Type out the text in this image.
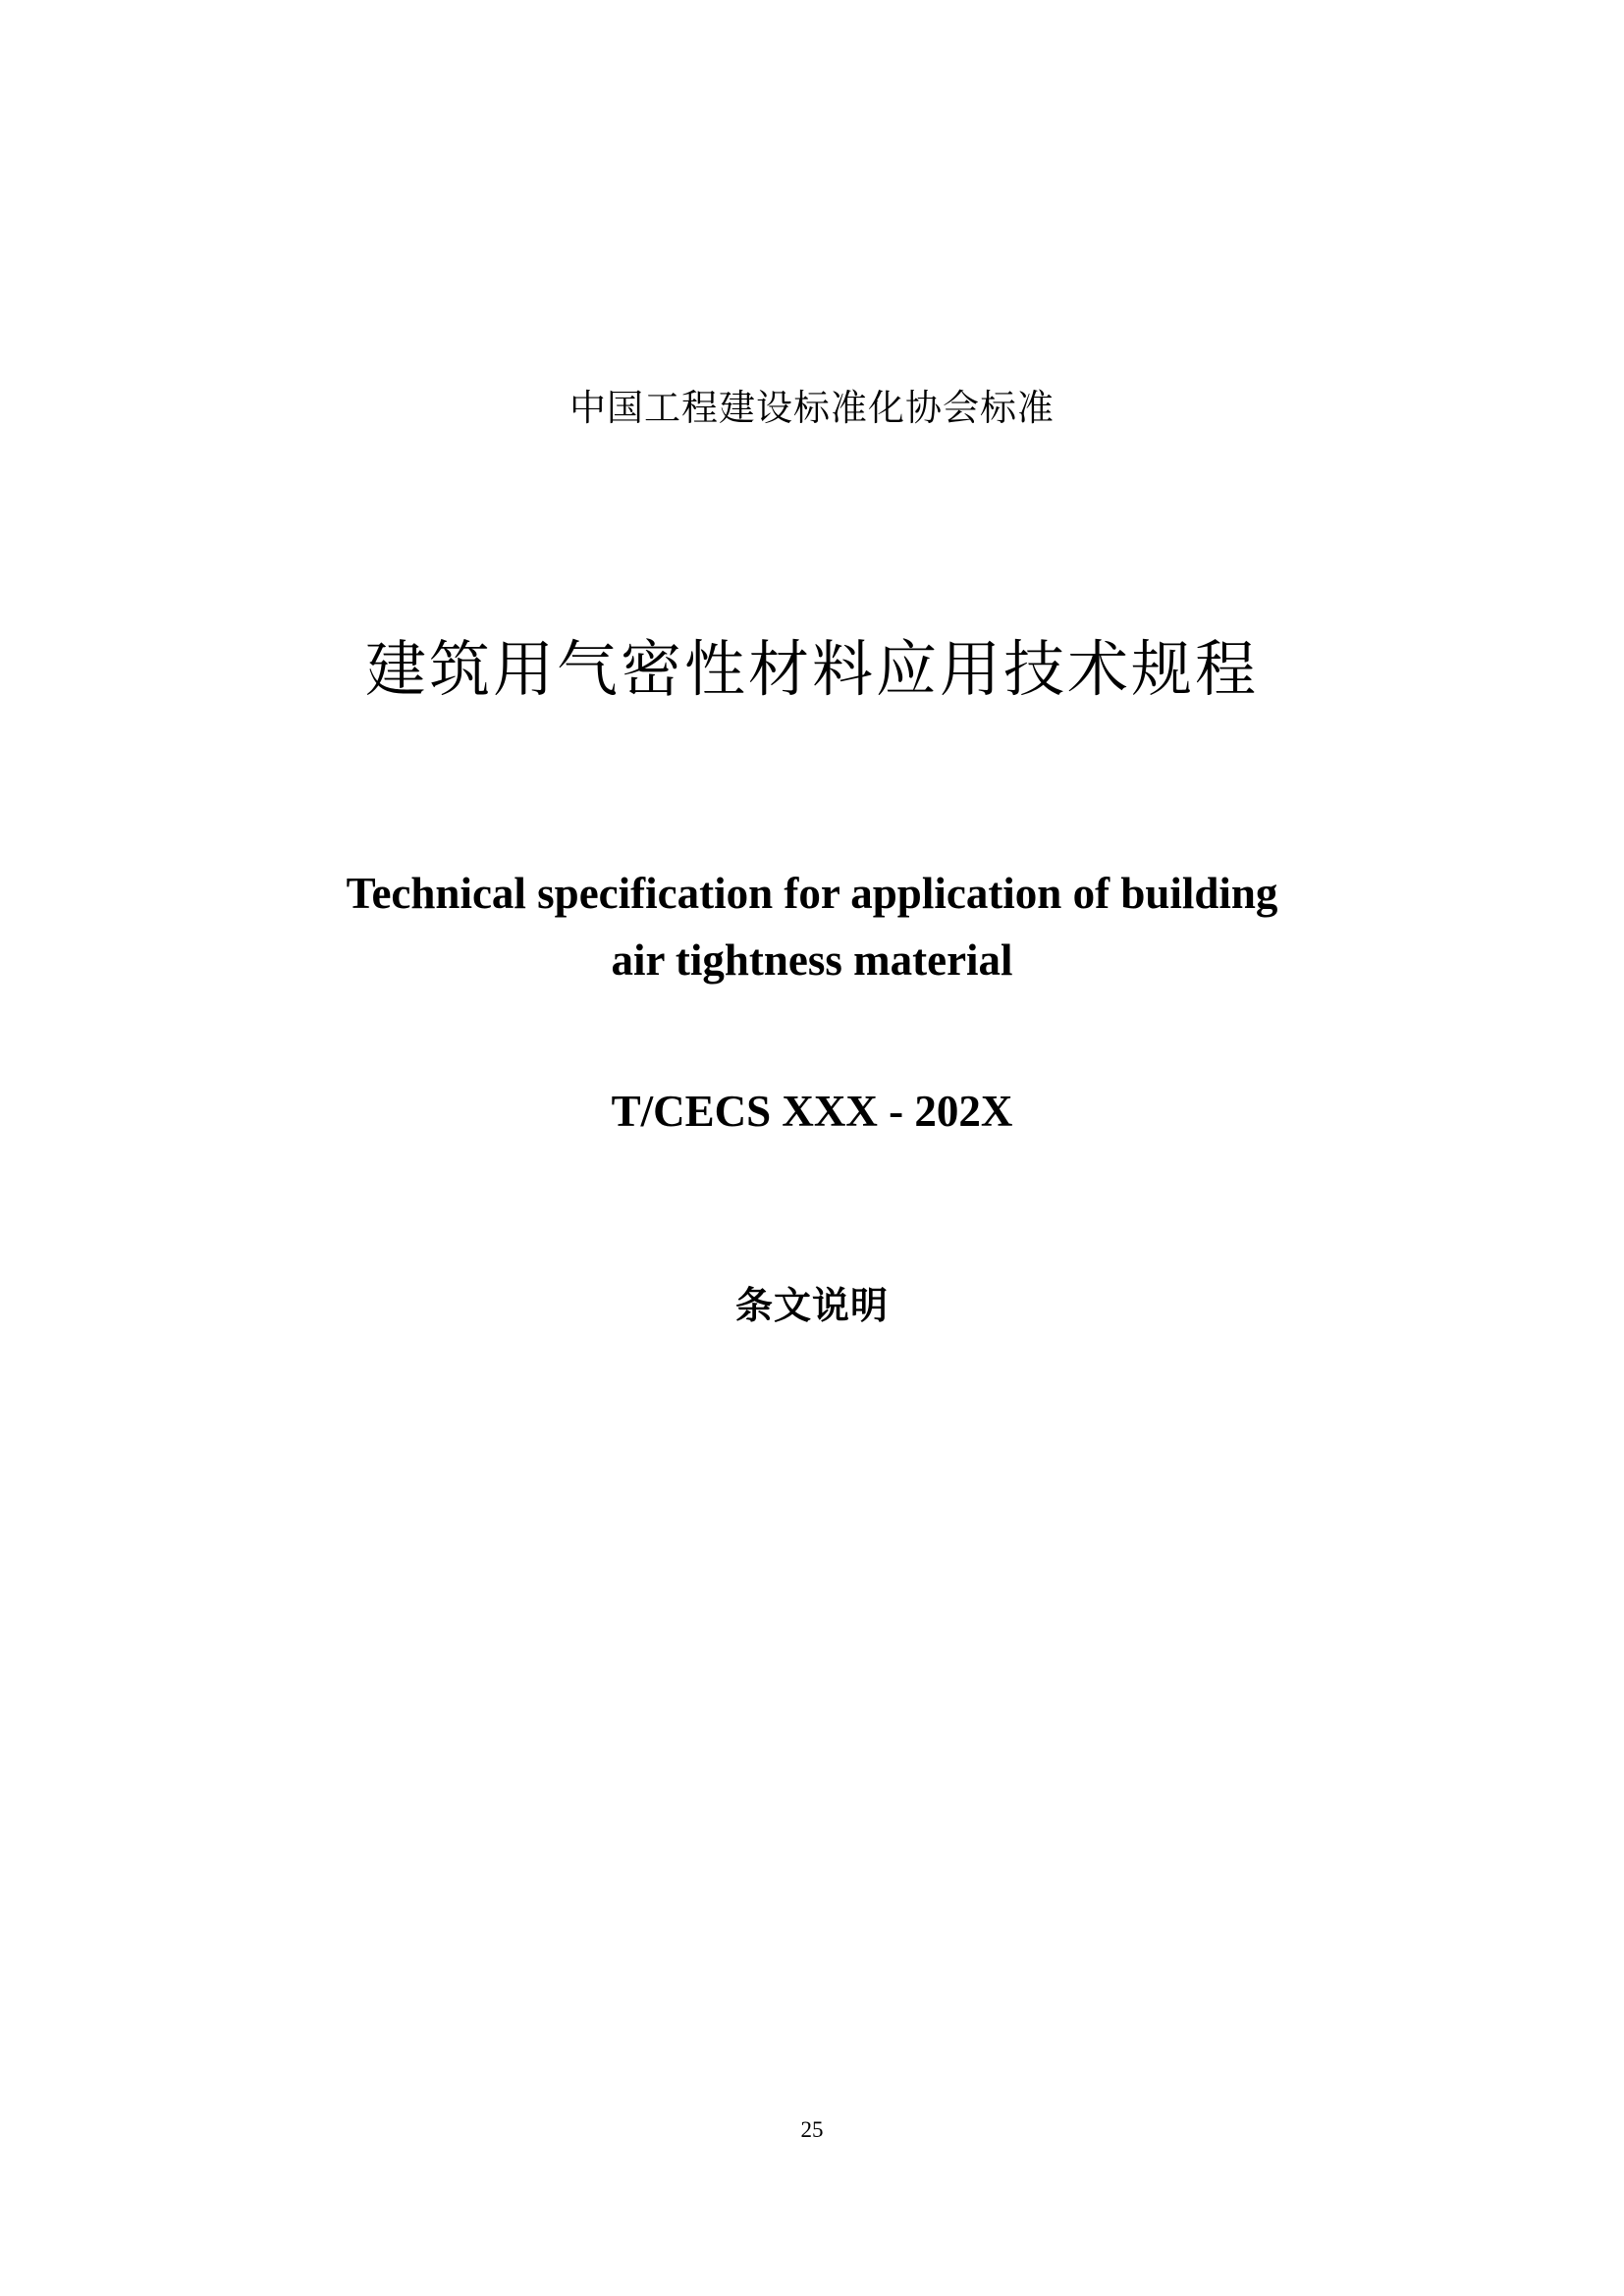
中国工程建设标准化协会标准
建筑用气密性材料应用技术规程
Technical specification for application of building
air tightness material
T/CECS XXX - 202X
条文说明
25
